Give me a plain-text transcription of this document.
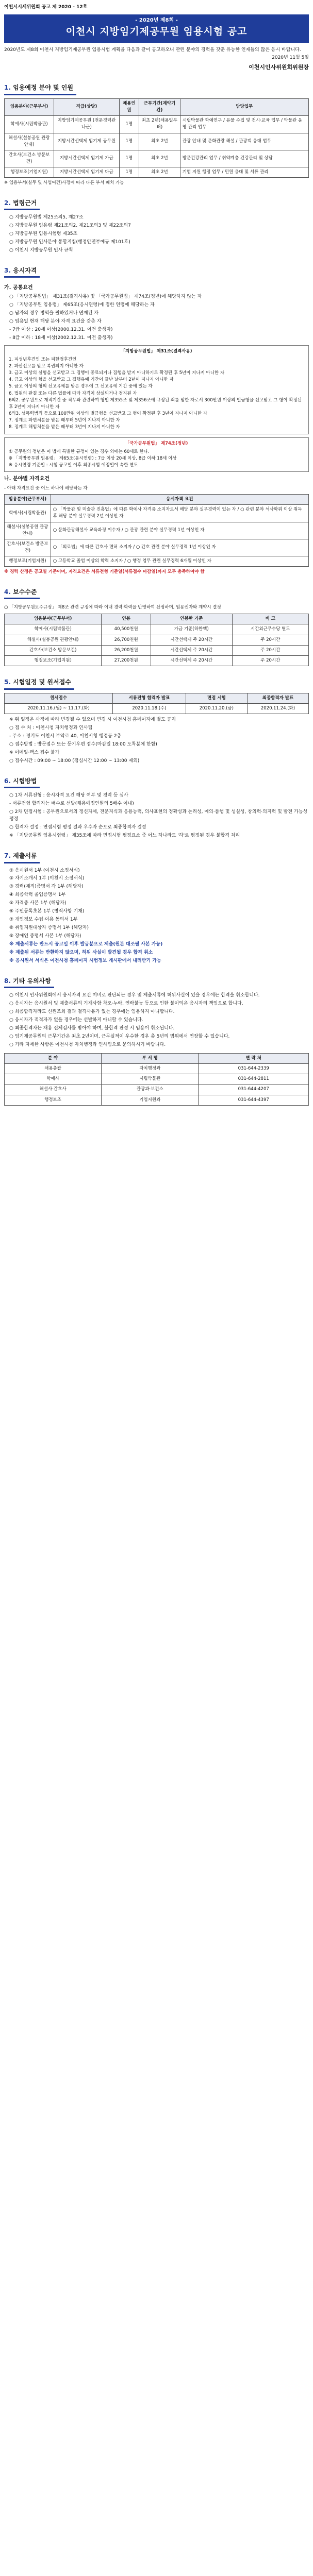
이천시시세위원회 공고 제 2020 - 12호
- 2020년 제8회 -
이천시 지방임기제공무원 임용시험 공고

2020년도 제8회 이천시 지방임기제공무원 임용시험 계획을 다음과 같이 공고하오니 관련 분야의 경력을 갖춘 유능한 인재들의 많은 응시 바랍니다.

2020년 11월 5일
이천시인사위원회위원장
1. 임용예정 분야 및 인원
임용분야(근무부서)	직급(상당)	채용인원	근무기간(계약기간)	담당업무
학예사(시립박물관)	지방임기제공무원 (전문경력관 나군)	1명	최초 2년(채용일부터)	시립박물관 학예연구 / 유물 수집 및 전시·교육 업무 / 박물관 운영 관리 업무
해설사(설봉공원 관광안내)	지방시간선택제 임기제 공무원	1명	최초 2년	관광 안내 및 문화관광 해설 / 관광객 응대 업무
간호사(보건소 방문보건)	지방시간선택제 임기제 가급	1명	최초 2년	방문건강관리 업무 / 취약계층 건강관리 및 상담
행정보조(기업지원)	지방시간선택제 임기제 다급	1명	최초 2년	기업 지원 행정 업무 / 민원 응대 및 서류 관리

※ 임용부서(실무 및 사업여건)사정에 따라 다른 부서 배치 가능

2. 법령근거

○ 지방공무원법 제25조의5, 제27조

○ 지방공무원 임용령 제21조의2, 제21조의3 및 제22조의7

○ 지방공무원 임용시험령 제35조

○ 지방공무원 인사분야 통합지침(행정안전부예규 제101호)

○ 이천시 지방공무원 인사 규칙

3. 응시자격
가. 공통요건

○ 「지방공무원법」 제31조(결격사유) 및 「국가공무원법」 제74조(정년)에 해당하지 않는 자

○ 「지방공무원 임용령」 제65조(응시연령)에 정한 연령에 해당하는 자

○ 남자의 경우 병역을 필하였거나 면제된 자

○ 임용일 현재 해당 분야 자격 요건을 갖춘 자

- 7급 이상 : 20세 이상(2000.12.31. 이전 출생자)

- 8급 이하 : 18세 이상(2002.12.31. 이전 출생자)

「지방공무원법」 제31조(결격사유)

1. 피성년후견인 또는 피한정후견인

2. 파산선고를 받고 복권되지 아니한 자

3. 금고 이상의 실형을 선고받고 그 집행이 종료되거나 집행을 받지 아니하기로 확정된 후 5년이 지나지 아니한 자

4. 금고 이상의 형을 선고받고 그 집행유예 기간이 끝난 날부터 2년이 지나지 아니한 자

5. 금고 이상의 형의 선고유예를 받은 경우에 그 선고유예 기간 중에 있는 자

6. 법원의 판결 또는 다른 법률에 따라 자격이 상실되거나 정지된 자

6의2. 공무원으로 재직기간 중 직무와 관련하여 형법 제355조 및 제356조에 규정된 죄를 범한 자로서 300만원 이상의 벌금형을 선고받고 그 형이 확정된 후 2년이 지나지 아니한 자

6의3. 성폭력범죄 등으로 100만원 이상의 벌금형을 선고받고 그 형이 확정된 후 3년이 지나지 아니한 자

7. 징계로 파면처분을 받은 때부터 5년이 지나지 아니한 자

8. 징계로 해임처분을 받은 때부터 3년이 지나지 아니한 자

「국가공무원법」 제74조(정년)

① 공무원의 정년은 이 법에 특별한 규정이 있는 경우 외에는 60세로 한다.

※ 「지방공무원 임용령」 제65조(응시연령) : 7급 이상 20세 이상, 8급 이하 18세 이상

※ 응시연령 기준일 : 시험 공고일 이후 최종시험 예정일이 속한 연도

나. 분야별 자격요건

- 아래 자격요건 중 어느 하나에 해당하는 자

임용분야(근무부서)	응시자격 요건
학예사(시립박물관)	○ 「박물관 및 미술관 진흥법」에 따른 학예사 자격증 소지자로서 해당 분야 실무경력이 있는 자 / ○ 관련 분야 석사학위 이상 취득 후 해당 분야 실무경력 2년 이상인 자
해설사(설봉공원 관광안내)	○ 문화관광해설사 교육과정 이수자 / ○ 관광 관련 분야 실무경력 1년 이상인 자
간호사(보건소 방문보건)	○ 「의료법」에 따른 간호사 면허 소지자 / ○ 간호 관련 분야 실무경력 1년 이상인 자
행정보조(기업지원)	○ 고등학교 졸업 이상의 학력 소지자 / ○ 행정 업무 관련 실무경력 6개월 이상인 자

※ 경력 산정은 공고일 기준이며, 자격요건은 서류전형 기준일(서류접수 마감일)까지 모두 충족하여야 함

4. 보수수준

○ 「지방공무원보수규정」 제8조 관련 규정에 따라 이내 경력·학력을 반영하여 산정하며, 임용권자와 계약시 결정

임용분야(근무부서)	연봉	연봉한 기준	비 고
학예사(시립박물관)	40,500천원	가급 기준(하한액)	시간외근무수당 별도
해설사(설봉공원 관광안내)	26,700천원	시간선택제 주 20시간	주 20시간
간호사(보건소 방문보건)	26,200천원	시간선택제 주 20시간	주 20시간
행정보조(기업지원)	27,200천원	시간선택제 주 20시간	주 20시간
5. 시험일정 및 원서접수
원서접수	서류전형 합격자 발표	면접 시험	최종합격자 발표
2020.11.16.(월) ~ 11.17.(화)	2020.11.18.(수)	2020.11.20.(금)	2020.11.24.(화)

※ 위 일정은 사정에 따라 변경될 수 있으며 변경 시 이천시청 홈페이지에 별도 공지

○ 접 수 처 : 이천시청 자치행정과 인사팀

- 주소 : 경기도 이천시 부악로 40, 이천시청 행정동 2층

○ 접수방법 : 방문접수 또는 등기우편 접수(마감일 18:00 도착분에 한함)

※ 이메일·팩스 접수 불가

○ 접수시간 : 09:00 ~ 18:00 (점심시간 12:00 ~ 13:00 제외)

6. 시험방법

○ 1차 서류전형 : 응시자격 요건 해당 여부 및 경력 등 심사

- 서류전형 합격자는 배수로 선발(채용예정인원의 5배수 이내)

○ 2차 면접시험 : 공무원으로서의 정신자세, 전문지식과 응용능력, 의사표현의 정확성과 논리성, 예의·품행 및 성실성, 창의력·의지력 및 발전 가능성 평정

○ 합격자 결정 : 면접시험 평정 결과 우수자 순으로 최종합격자 결정

※ 「지방공무원 임용시험령」 제35조에 따라 면접시험 평정요소 중 어느 하나라도 '하'로 평정된 경우 불합격 처리

7. 제출서류

① 응시원서 1부 (이천시 소정서식)

② 자기소개서 1부 (이천시 소정서식)

③ 경력(재직)증명서 각 1부 (해당자)

④ 최종학력 졸업증명서 1부

⑤ 자격증 사본 1부 (해당자)

⑥ 주민등록초본 1부 (병적사항 기재)

⑦ 개인정보 수집·이용 동의서 1부

⑧ 취업지원대상자 증명서 1부 (해당자)

⑨ 장애인 증명서 사본 1부 (해당자)

※ 제출서류는 반드시 공고일 이후 발급분으로 제출(원본 대조필 사본 가능)

※ 제출된 서류는 반환하지 않으며, 허위 사실이 발견될 경우 합격 취소

※ 응시원서 서식은 이천시청 홈페이지 시험정보 게시판에서 내려받기 가능

8. 기타 유의사항

○ 이천시 인사위원회에서 응시자격 요건 미비로 판단되는 경우 및 제출서류에 허위사실이 있을 경우에는 합격을 취소합니다.

○ 응시자는 응시원서 및 제출서류의 기재사항 착오·누락, 연락불능 등으로 인한 불이익은 응시자의 책임으로 합니다.

○ 최종합격자라도 신원조회 결과 결격사유가 있는 경우에는 임용하지 아니합니다.

○ 응시자가 적격자가 없을 경우에는 선발하지 아니할 수 있습니다.

○ 최종합격자는 채용 신체검사를 받아야 하며, 불합격 판정 시 임용이 취소됩니다.

○ 임기제공무원의 근무기간은 최초 2년이며, 근무실적이 우수한 경우 총 5년의 범위에서 연장할 수 있습니다.

○ 기타 자세한 사항은 이천시청 자치행정과 인사팀으로 문의하시기 바랍니다.

분 야	부 서 명	연 락 처
채용총괄	자치행정과	031-644-2339
학예사	시립박물관	031-644-2811
해설사·간호사	관광과·보건소	031-644-4207
행정보조	기업지원과	031-644-4397
